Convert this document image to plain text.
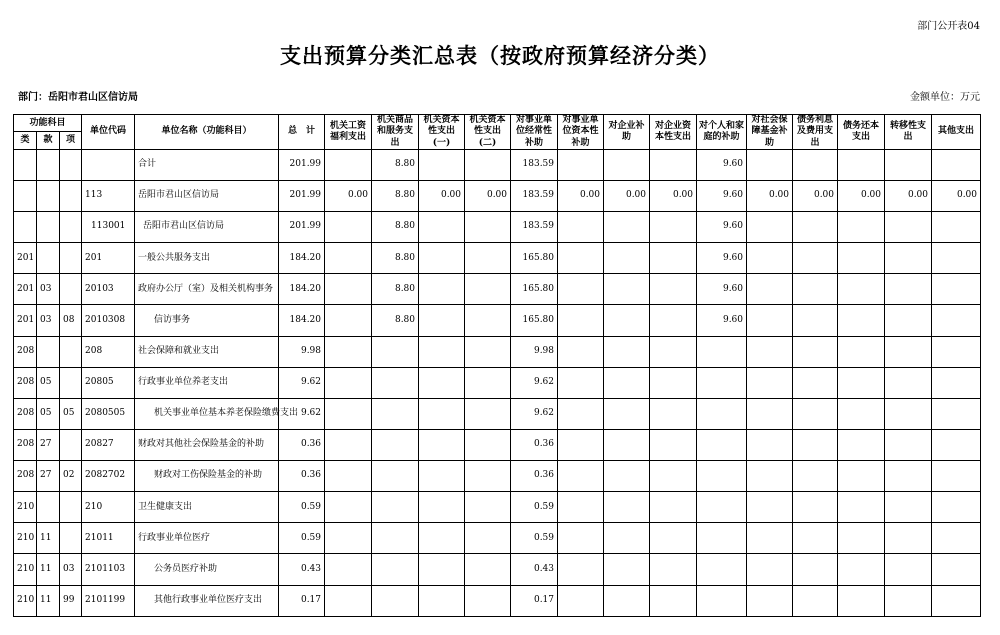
部门公开表04
支出预算分类汇总表（按政府预算经济分类）
部门：岳阳市君山区信访局	金额单位：万元
功能科目			单位代码	单位名称（功能科目）	总　计	机关工资福利支出	机关商品和服务支出	机关资本性支出(一)	机关资本性支出(二)	对事业单位经常性补助	对事业单位资本性补助	对企业补助	对企业资本性支出	对个人和家庭的补助	对社会保障基金补助	债务利息及费用支出	债务还本支出	转移性支出	其他支出
类	款	项																	
				合计	201.99		8.80			183.59				9.60					
			113	岳阳市君山区信访局	201.99	0.00	8.80	0.00	0.00	183.59	0.00	0.00	0.00	9.60	0.00	0.00	0.00	0.00	0.00
			113001	岳阳市君山区信访局	201.99		8.80			183.59				9.60					
201			201	一般公共服务支出	184.20		8.80			165.80				9.60					
201	03		20103	政府办公厅（室）及相关机构事务	184.20		8.80			165.80				9.60					
201	03	08	2010308	信访事务	184.20		8.80			165.80				9.60					
208			208	社会保障和就业支出	9.98					9.98									
208	05		20805	行政事业单位养老支出	9.62					9.62									
208	05	05	2080505	机关事业单位基本养老保险缴费支出	9.62					9.62									
208	27		20827	财政对其他社会保险基金的补助	0.36					0.36									
208	27	02	2082702	财政对工伤保险基金的补助	0.36					0.36									
210			210	卫生健康支出	0.59					0.59									
210	11		21011	行政事业单位医疗	0.59					0.59									
210	11	03	2101103	公务员医疗补助	0.43					0.43									
210	11	99	2101199	其他行政事业单位医疗支出	0.17					0.17									
